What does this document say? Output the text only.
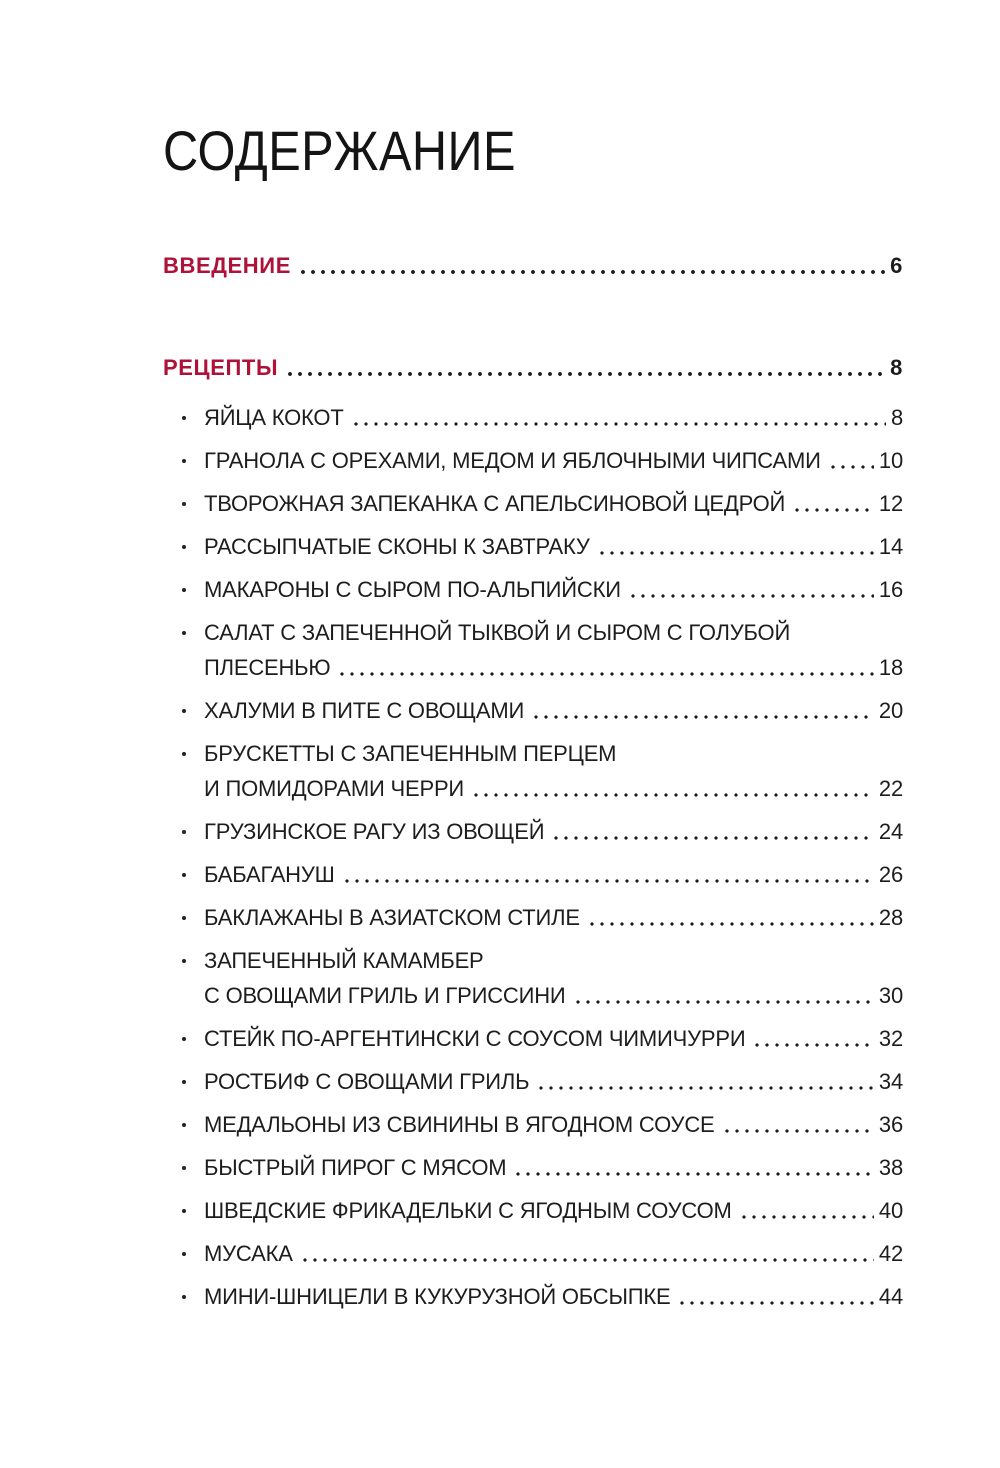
СОДЕРЖАНИЕ
ВВЕДЕНИЕ	6
РЕЦЕПТЫ	8
ЯЙЦА КОКОТ	8
ГРАНОЛА С ОРЕХАМИ, МЕДОМ И ЯБЛОЧНЫМИ ЧИПСАМИ	10
ТВОРОЖНАЯ ЗАПЕКАНКА С АПЕЛЬСИНОВОЙ ЦЕДРОЙ	12
РАССЫПЧАТЫЕ СКОНЫ К ЗАВТРАКУ	14
МАКАРОНЫ С СЫРОМ ПО-АЛЬПИЙСКИ	16
САЛАТ С ЗАПЕЧЕННОЙ ТЫКВОЙ И СЫРОМ С ГОЛУБОЙ
ПЛЕСЕНЬЮ	18
ХАЛУМИ В ПИТЕ С ОВОЩАМИ	20
БРУСКЕТТЫ С ЗАПЕЧЕННЫМ ПЕРЦЕМ
И ПОМИДОРАМИ ЧЕРРИ	22
ГРУЗИНСКОЕ РАГУ ИЗ ОВОЩЕЙ	24
БАБАГАНУШ	26
БАКЛАЖАНЫ В АЗИАТСКОМ СТИЛЕ	28
ЗАПЕЧЕННЫЙ КАМАМБЕР
С ОВОЩАМИ ГРИЛЬ И ГРИССИНИ	30
СТЕЙК ПО-АРГЕНТИНСКИ С СОУСОМ ЧИМИЧУРРИ	32
РОСТБИФ С ОВОЩАМИ ГРИЛЬ	34
МЕДАЛЬОНЫ ИЗ СВИНИНЫ В ЯГОДНОМ СОУСЕ	36
БЫСТРЫЙ ПИРОГ С МЯСОМ	38
ШВЕДСКИЕ ФРИКАДЕЛЬКИ С ЯГОДНЫМ СОУСОМ	40
МУСАКА	42
МИНИ-ШНИЦЕЛИ В КУКУРУЗНОЙ ОБСЫПКЕ	44
